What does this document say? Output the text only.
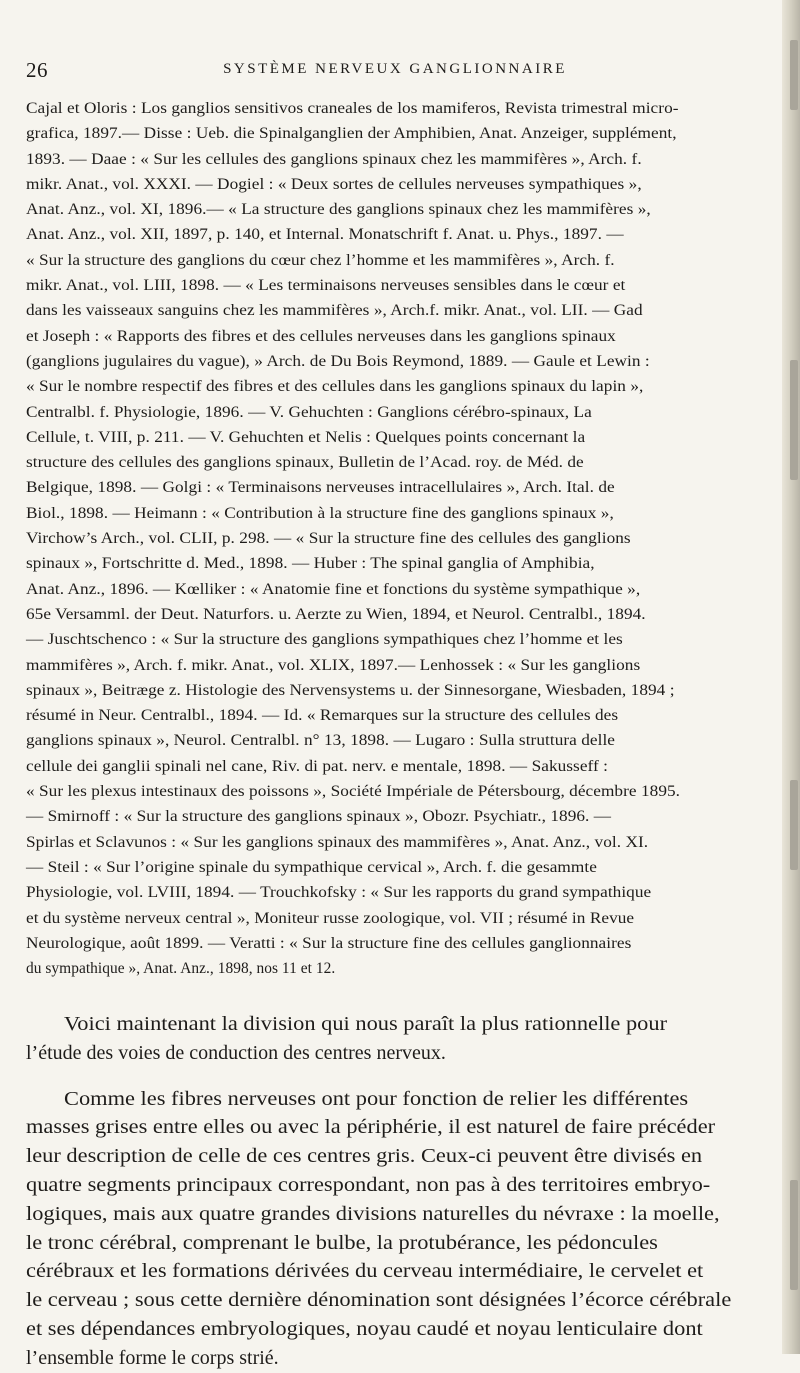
26	SYSTÈME NERVEUX GANGLIONNAIRE
Cajal et Oloris : Los ganglios sensitivos craneales de los mamiferos, Revista trimestral micro-
grafica, 1897.— Disse : Ueb. die Spinalganglien der Amphibien, Anat. Anzeiger, supplément,
1893. — Daae : « Sur les cellules des ganglions spinaux chez les mammifères », Arch. f.
mikr. Anat., vol. XXXI. — Dogiel : « Deux sortes de cellules nerveuses sympathiques »,
Anat. Anz., vol. XI, 1896.— « La structure des ganglions spinaux chez les mammifères »,
Anat. Anz., vol. XII, 1897, p. 140, et Internal. Monatschrift f. Anat. u. Phys., 1897. —
« Sur la structure des ganglions du cœur chez l’homme et les mammifères », Arch. f.
mikr. Anat., vol. LIII, 1898. — « Les terminaisons nerveuses sensibles dans le cœur et
dans les vaisseaux sanguins chez les mammifères », Arch.f. mikr. Anat., vol. LII. — Gad
et Joseph : « Rapports des fibres et des cellules nerveuses dans les ganglions spinaux
(ganglions jugulaires du vague), » Arch. de Du Bois Reymond, 1889. — Gaule et Lewin :
« Sur le nombre respectif des fibres et des cellules dans les ganglions spinaux du lapin »,
Centralbl. f. Physiologie, 1896. — V. Gehuchten : Ganglions cérébro-spinaux, La
Cellule, t. VIII, p. 211. — V. Gehuchten et Nelis : Quelques points concernant la
structure des cellules des ganglions spinaux, Bulletin de l’Acad. roy. de Méd. de
Belgique, 1898. — Golgi : « Terminaisons nerveuses intracellulaires », Arch. Ital. de
Biol., 1898. — Heimann : « Contribution à la structure fine des ganglions spinaux »,
Virchow’s Arch., vol. CLII, p. 298. — « Sur la structure fine des cellules des ganglions
spinaux », Fortschritte d. Med., 1898. — Huber : The spinal ganglia of Amphibia,
Anat. Anz., 1896. — Kœlliker : « Anatomie fine et fonctions du système sympathique »,
65e Versamml. der Deut. Naturfors. u. Aerzte zu Wien, 1894, et Neurol. Centralbl., 1894.
— Juschtschenco : « Sur la structure des ganglions sympathiques chez l’homme et les
mammifères », Arch. f. mikr. Anat., vol. XLIX, 1897.— Lenhossek : « Sur les ganglions
spinaux », Beitræge z. Histologie des Nervensystems u. der Sinnesorgane, Wiesbaden, 1894 ;
résumé in Neur. Centralbl., 1894. — Id. « Remarques sur la structure des cellules des
ganglions spinaux », Neurol. Centralbl. n° 13, 1898. — Lugaro : Sulla struttura delle
cellule dei ganglii spinali nel cane, Riv. di pat. nerv. e mentale, 1898. — Sakusseff :
« Sur les plexus intestinaux des poissons », Société Impériale de Pétersbourg, décembre 1895.
— Smirnoff : « Sur la structure des ganglions spinaux », Obozr. Psychiatr., 1896. —
Spirlas et Sclavunos : « Sur les ganglions spinaux des mammifères », Anat. Anz., vol. XI.
— Steil : « Sur l’origine spinale du sympathique cervical », Arch. f. die gesammte
Physiologie, vol. LVIII, 1894. — Trouchkofsky : « Sur les rapports du grand sympathique
et du système nerveux central », Moniteur russe zoologique, vol. VII ; résumé in Revue
Neurologique, août 1899. — Veratti : « Sur la structure fine des cellules ganglionnaires
du sympathique », Anat. Anz., 1898, nos 11 et 12.
Voici maintenant la division qui nous paraît la plus rationnelle pour
l’étude des voies de conduction des centres nerveux.
Comme les fibres nerveuses ont pour fonction de relier les différentes
masses grises entre elles ou avec la périphérie, il est naturel de faire précéder
leur description de celle de ces centres gris. Ceux-ci peuvent être divisés en
quatre segments principaux correspondant, non pas à des territoires embryo-
logiques, mais aux quatre grandes divisions naturelles du névraxe : la moelle,
le tronc cérébral, comprenant le bulbe, la protubérance, les pédoncules
cérébraux et les formations dérivées du cerveau intermédiaire, le cervelet et
le cerveau ; sous cette dernière dénomination sont désignées l’écorce cérébrale
et ses dépendances embryologiques, noyau caudé et noyau lenticulaire dont
l’ensemble forme le corps strié.
